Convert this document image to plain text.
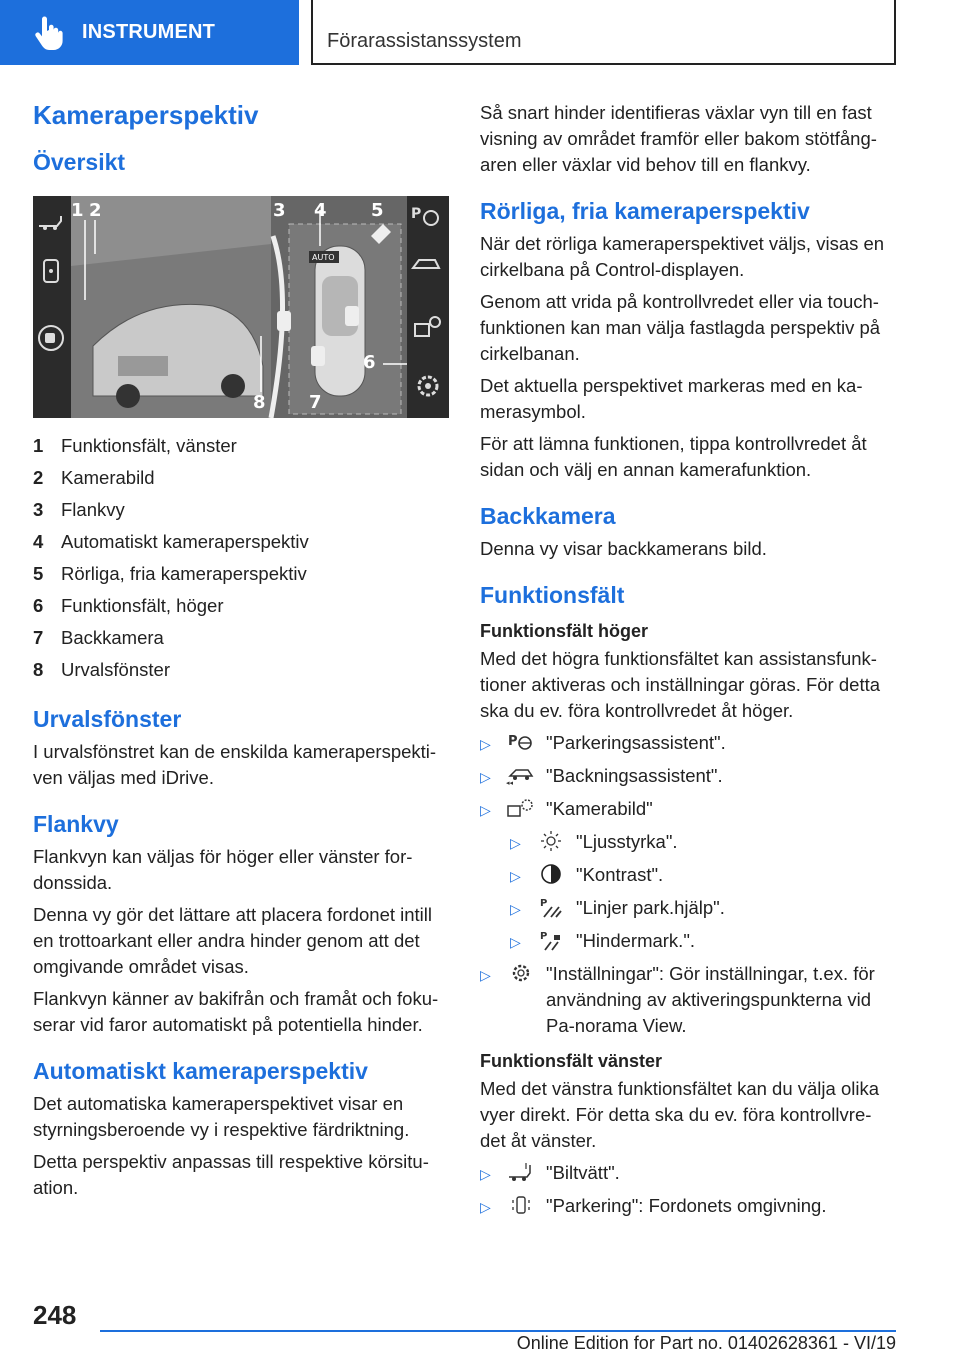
INSTRUMENT	Förarassistanssystem
Kameraperspektiv
Översikt
AUTO
P
1 2	3 4 5
6
7
8
1 Funktionsfält, vänster
2 Kamerabild
3 Flankvy
4 Automatiskt kameraperspektiv
5 Rörliga, fria kameraperspektiv
6 Funktionsfält, höger
7 Backkamera
8 Urvalsfönster
Urvalsfönster

I urvalsfönstret kan de enskilda kameraperspekti-ven väljas med iDrive.

Flankvy

Flankvyn kan väljas för höger eller vänster for-donssida.

Denna vy gör det lättare att placera fordonet intill en trottoarkant eller andra hinder genom att det omgivande området visas.

Flankvyn känner av bakifrån och framåt och foku-serar vid faror automatiskt på potentiella hinder.

Automatiskt kameraperspektiv

Det automatiska kameraperspektivet visar en styrningsberoende vy i respektive färdriktning.

Detta perspektiv anpassas till respektive körsitu-ation.

Så snart hinder identifieras växlar vyn till en fast visning av området framför eller bakom stötfång-aren eller växlar vid behov till en flankvy.

Rörliga, fria kameraperspektiv

När det rörliga kameraperspektivet väljs, visas en cirkelbana på Control-displayen.

Genom att vrida på kontrollvredet eller via touch-funktionen kan man välja fastlagda perspektiv på cirkelbanan.

Det aktuella perspektivet markeras med en ka-merasymbol.

För att lämna funktionen, tippa kontrollvredet åt sidan och välj en annan kamerafunktion.

Backkamera

Denna vy visar backkamerans bild.

Funktionsfält
Funktionsfält höger

Med det högra funktionsfältet kan assistansfunk-tioner aktiveras och inställningar göras. För detta ska du ev. föra kontrollvredet åt höger.

▷	P "Parkeringsassistent".
▷	◂◂ "Backningsassistent".
▷	"Kamerabild"
▷	"Ljusstyrka".
▷	"Kontrast".
▷	P "Linjer park.hjälp".
▷	P "Hindermark.".
▷	"Inställningar": Gör inställningar, t.ex. för användning av aktiveringspunkterna vid Pa-norama View.
Funktionsfält vänster

Med det vänstra funktionsfältet kan du välja olika vyer direkt. För detta ska du ev. föra kontrollvre-det åt vänster.

▷	"Biltvätt".
▷	"Parkering": Fordonets omgivning.
248
Online Edition for Part no. 01402628361 - VI/19
